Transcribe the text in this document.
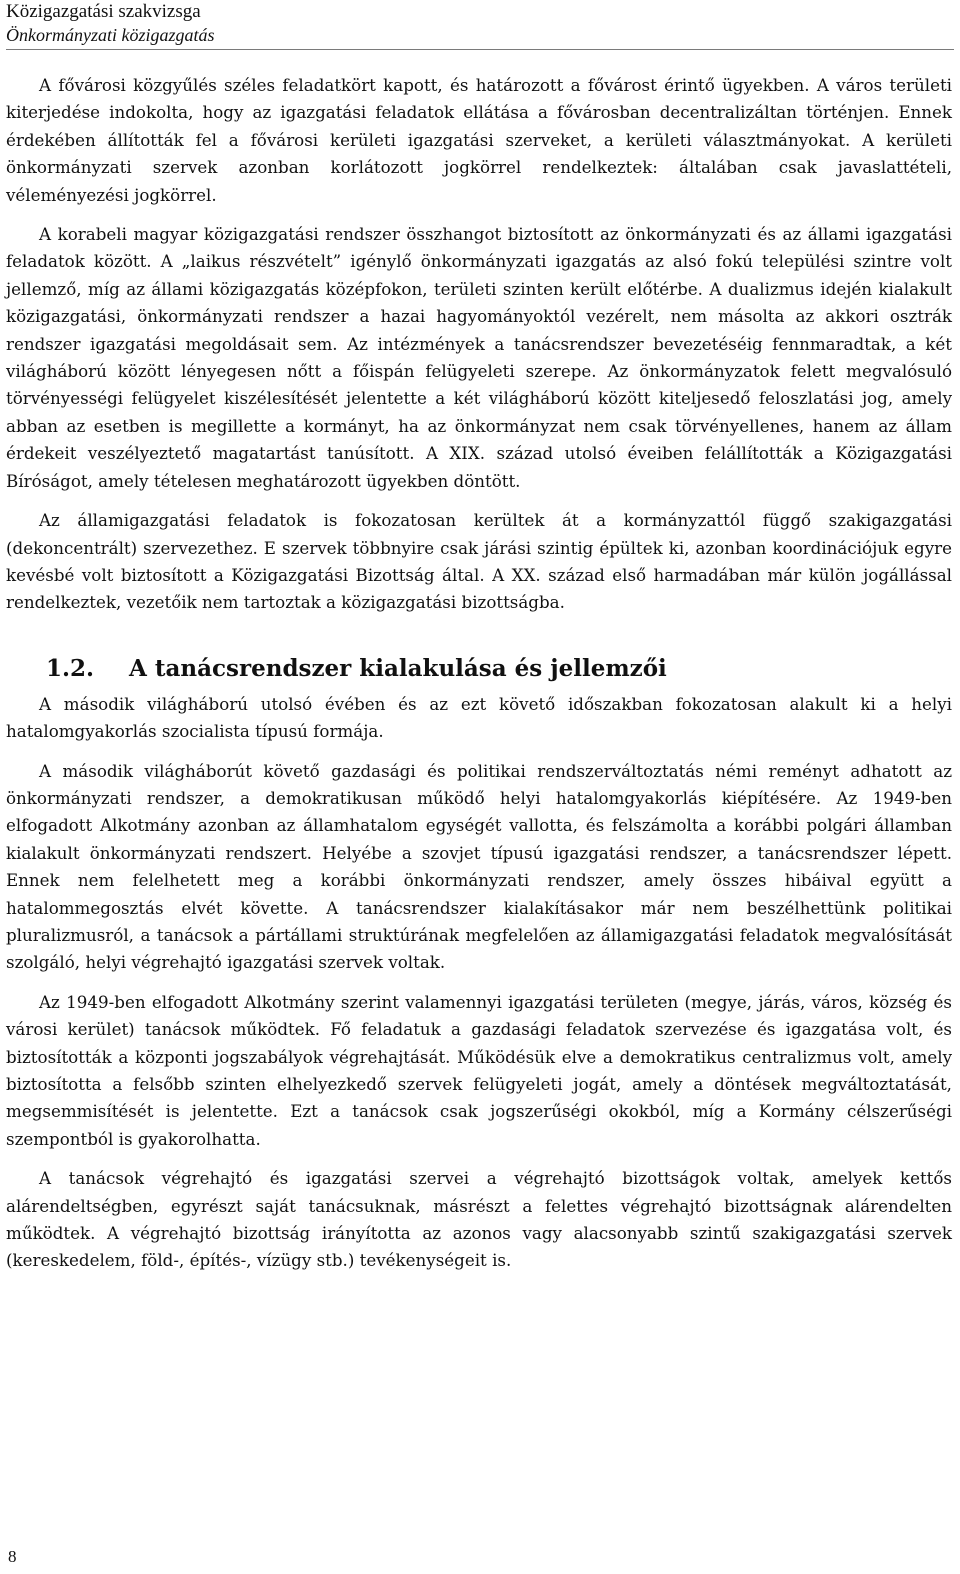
Közigazgatási szakvizsga
Önkormányzati közigazgatás

A fővárosi közgyűlés széles feladatkört kapott, és határozott a fővárost érintő ügyekben. A város területi kiterjedése indokolta, hogy az igazgatási feladatok ellátása a fővárosban decentralizáltan történjen. Ennek érdekében állították fel a fővárosi kerületi igazgatási szerveket, a kerületi választmányokat. A kerületi önkormányzati szervek azonban korlátozott jogkörrel rendelkeztek: általában csak javaslattételi, véleményezési jogkörrel.

A korabeli magyar közigazgatási rendszer összhangot biztosított az önkormányzati és az állami igazgatási feladatok között. A „laikus részvételt” igénylő önkormányzati igazgatás az alsó fokú települési szintre volt jellemző, míg az állami közigazgatás középfokon, területi szinten került előtérbe. A dualizmus idején kialakult közigazgatási, önkormányzati rendszer a hazai hagyományoktól vezérelt, nem másolta az akkori osztrák rendszer igazgatási megoldásait sem. Az intézmények a tanácsrendszer bevezetéséig fennmaradtak, a két világháború között lényegesen nőtt a főispán felügyeleti szerepe. Az önkormányzatok felett megvalósuló törvényességi felügyelet kiszélesítését jelentette a két világháború között kiteljesedő feloszlatási jog, amely abban az esetben is megillette a kormányt, ha az önkormányzat nem csak törvényellenes, hanem az állam érdekeit veszélyeztető magatartást tanúsított. A XIX. század utolsó éveiben felállították a Közigazgatási Bíróságot, amely tételesen meghatározott ügyekben döntött.

Az államigazgatási feladatok is fokozatosan kerültek át a kormányzattól függő szakigazgatási (dekoncentrált) szervezethez. E szervek többnyire csak járási szintig épültek ki, azonban koordinációjuk egyre kevésbé volt biztosított a Közigazgatási Bizottság által. A XX. század első harmadában már külön jogállással rendelkeztek, vezetőik nem tartoztak a közigazgatási bizottságba.

1.2. A tanácsrendszer kialakulása és jellemzői

A második világháború utolsó évében és az ezt követő időszakban fokozatosan alakult ki a helyi hatalomgyakorlás szocialista típusú formája.

A második világháborút követő gazdasági és politikai rendszerváltoztatás némi reményt adhatott az önkormányzati rendszer, a demokratikusan működő helyi hatalomgyakorlás kiépítésére. Az 1949-ben elfogadott Alkotmány azonban az államhatalom egységét vallotta, és felszámolta a korábbi polgári államban kialakult önkormányzati rendszert. Helyébe a szovjet típusú igazgatási rendszer, a tanácsrendszer lépett. Ennek nem felelhetett meg a korábbi önkormányzati rendszer, amely összes hibáival együtt a hatalommegosztás elvét követte. A tanácsrendszer kialakításakor már nem beszélhettünk politikai pluralizmusról, a tanácsok a pártállami struktúrának megfelelően az államigazgatási feladatok megvalósítását szolgáló, helyi végrehajtó igazgatási szervek voltak.

Az 1949-ben elfogadott Alkotmány szerint valamennyi igazgatási területen (megye, járás, város, község és városi kerület) tanácsok működtek. Fő feladatuk a gazdasági feladatok szervezése és igazgatása volt, és biztosították a központi jogszabályok végrehajtását. Működésük elve a demokratikus centralizmus volt, amely biztosította a felsőbb szinten elhelyezkedő szervek felügyeleti jogát, amely a döntések megváltoztatását, megsemmisítését is jelentette. Ezt a tanácsok csak jogszerűségi okokból, míg a Kormány célszerűségi szempontból is gyakorolhatta.

A tanácsok végrehajtó és igazgatási szervei a végrehajtó bizottságok voltak, amelyek kettős alárendeltségben, egyrészt saját tanácsuknak, másrészt a felettes végrehajtó bizottságnak alárendelten működtek. A végrehajtó bizottság irányította az azonos vagy alacsonyabb szintű szakigazgatási szervek (kereskedelem, föld-, építés-, vízügy stb.) tevékenységeit is.

8
